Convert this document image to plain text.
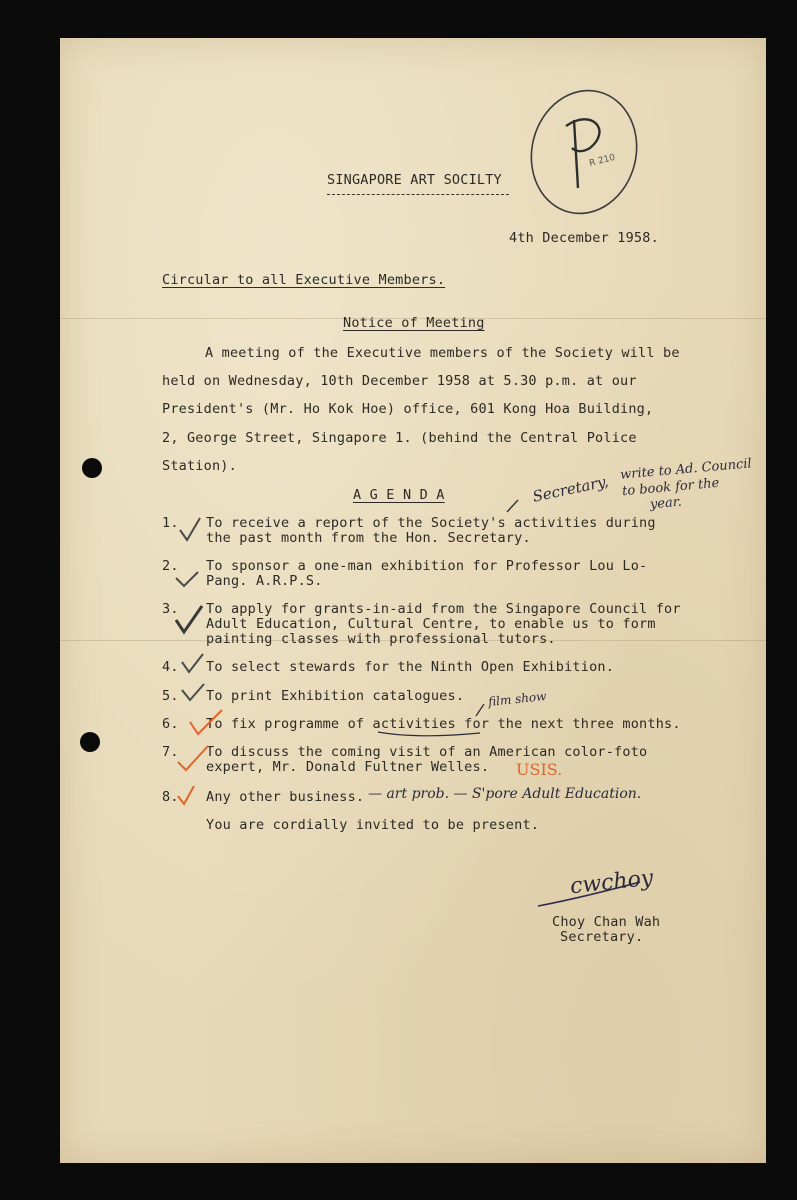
SINGAPORE ART SOCILTY
4th December 1958.
Circular to all Executive Members.
Notice of Meeting
A meeting of the Executive members of the Society will be
held on Wednesday, 10th December 1958 at 5.30 p.m. at our
President's (Mr. Ho Kok Hoe) office, 601 Kong Hoa Building,
2, George Street, Singapore 1. (behind the Central Police
Station).
A G E N D A
1. To receive a report of the Society's activities during
the past month from the Hon. Secretary.
2. To sponsor a one-man exhibition for Professor Lou Lo-
Pang. A.R.P.S.
3. To apply for grants-in-aid from the Singapore Council for
Adult Education, Cultural Centre, to enable us to form
painting classes with professional tutors.
4. To select stewards for the Ninth Open Exhibition.
5. To print Exhibition catalogues.
6. To fix programme of activities for the next three months.
7. To discuss the coming visit of an American color-foto
expert, Mr. Donald Fultner Welles.
8. Any other business.
You are cordially invited to be present.
cwchoy
Choy Chan Wah
Secretary.
Secretary,
write to Ad. Council
to book for the
year.
film show
USIS.
— art prob. — S'pore Adult Education.
R 210
